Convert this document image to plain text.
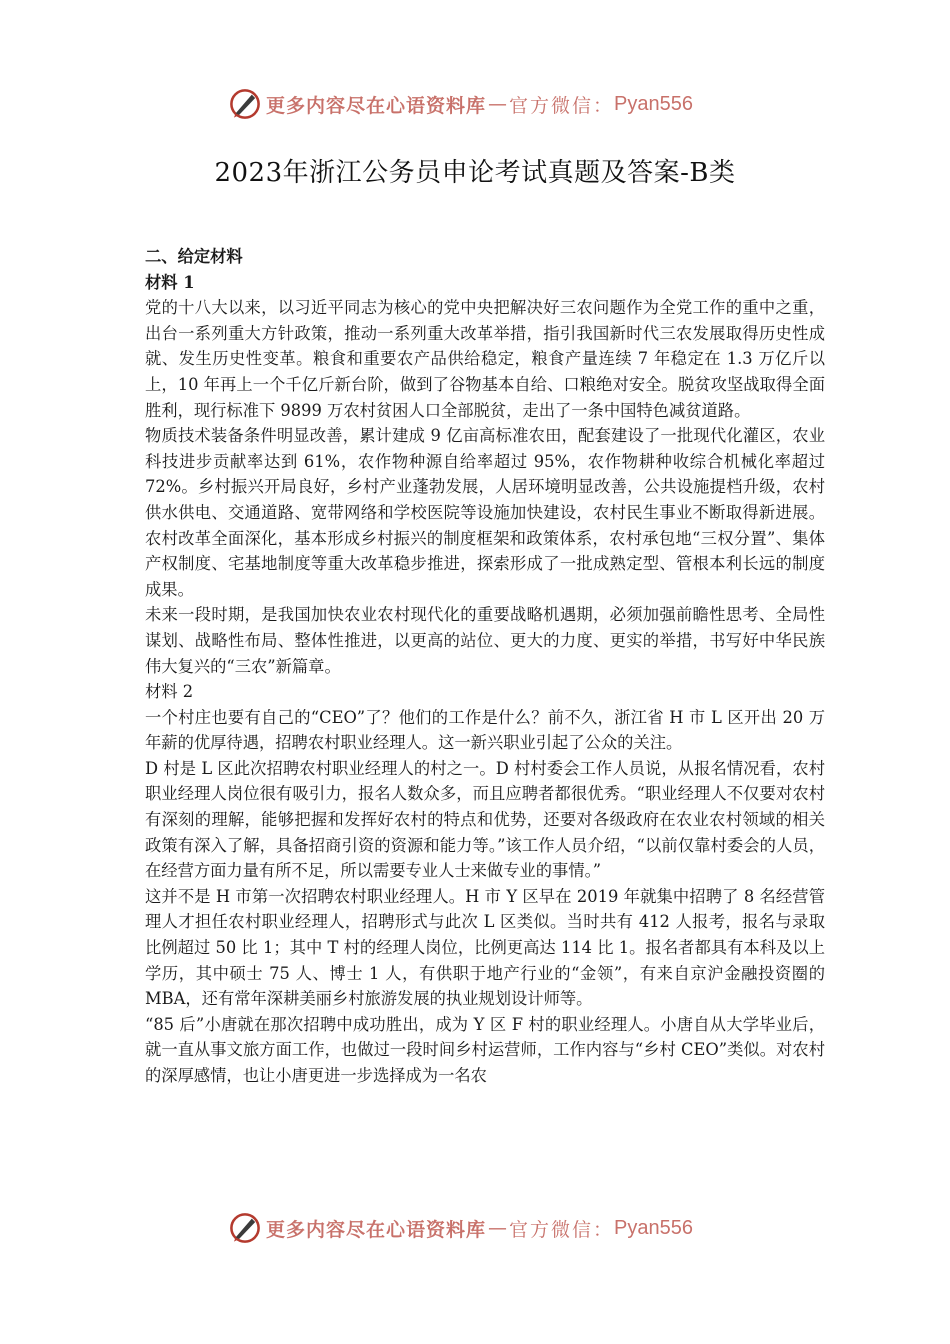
更多内容尽在心语资料库 — 官方微信： Pyan556
2023年浙江公务员申论考试真题及答案-B类

二、给定材料

材料 1

党的十八大以来，以习近平同志为核心的党中央把解决好三农问题作为全党工作的重中之重，出台一系列重大方针政策，推动一系列重大改革举措，指引我国新时代三农发展取得历史性成就、发生历史性变革。粮食和重要农产品供给稳定，粮食产量连续 7 年稳定在 1.3 万亿斤以上，10 年再上一个千亿斤新台阶，做到了谷物基本自给、口粮绝对安全。脱贫攻坚战取得全面胜利，现行标准下 9899 万农村贫困人口全部脱贫，走出了一条中国特色减贫道路。

物质技术装备条件明显改善，累计建成 9 亿亩高标准农田，配套建设了一批现代化灌区，农业科技进步贡献率达到 61%，农作物种源自给率超过 95%，农作物耕种收综合机械化率超过 72%。乡村振兴开局良好，乡村产业蓬勃发展，人居环境明显改善，公共设施提档升级，农村供水供电、交通道路、宽带网络和学校医院等设施加快建设，农村民生事业不断取得新进展。农村改革全面深化，基本形成乡村振兴的制度框架和政策体系，农村承包地“三权分置”、集体产权制度、宅基地制度等重大改革稳步推进，探索形成了一批成熟定型、管根本利长远的制度成果。

未来一段时期，是我国加快农业农村现代化的重要战略机遇期，必须加强前瞻性思考、全局性谋划、战略性布局、整体性推进，以更高的站位、更大的力度、更实的举措，书写好中华民族伟大复兴的“三农”新篇章。

材料 2

一个村庄也要有自己的“CEO”了？他们的工作是什么？前不久，浙江省 H 市 L 区开出 20 万年薪的优厚待遇，招聘农村职业经理人。这一新兴职业引起了公众的关注。

D 村是 L 区此次招聘农村职业经理人的村之一。D 村村委会工作人员说，从报名情况看，农村职业经理人岗位很有吸引力，报名人数众多，而且应聘者都很优秀。“职业经理人不仅要对农村有深刻的理解，能够把握和发挥好农村的特点和优势，还要对各级政府在农业农村领域的相关政策有深入了解，具备招商引资的资源和能力等。”该工作人员介绍，“以前仅靠村委会的人员，在经营方面力量有所不足，所以需要专业人士来做专业的事情。”

这并不是 H 市第一次招聘农村职业经理人。H 市 Y 区早在 2019 年就集中招聘了 8 名经营管理人才担任农村职业经理人，招聘形式与此次 L 区类似。当时共有 412 人报考，报名与录取比例超过 50 比 1；其中 T 村的经理人岗位，比例更高达 114 比 1。报名者都具有本科及以上学历，其中硕士 75 人、博士 1 人，有供职于地产行业的“金领”，有来自京沪金融投资圈的 MBA，还有常年深耕美丽乡村旅游发展的执业规划设计师等。

“85 后”小唐就在那次招聘中成功胜出，成为 Y 区 F 村的职业经理人。小唐自从大学毕业后，就一直从事文旅方面工作，也做过一段时间乡村运营师，工作内容与“乡村 CEO”类似。对农村的深厚感情，也让小唐更进一步选择成为一名农

更多内容尽在心语资料库 — 官方微信： Pyan556
